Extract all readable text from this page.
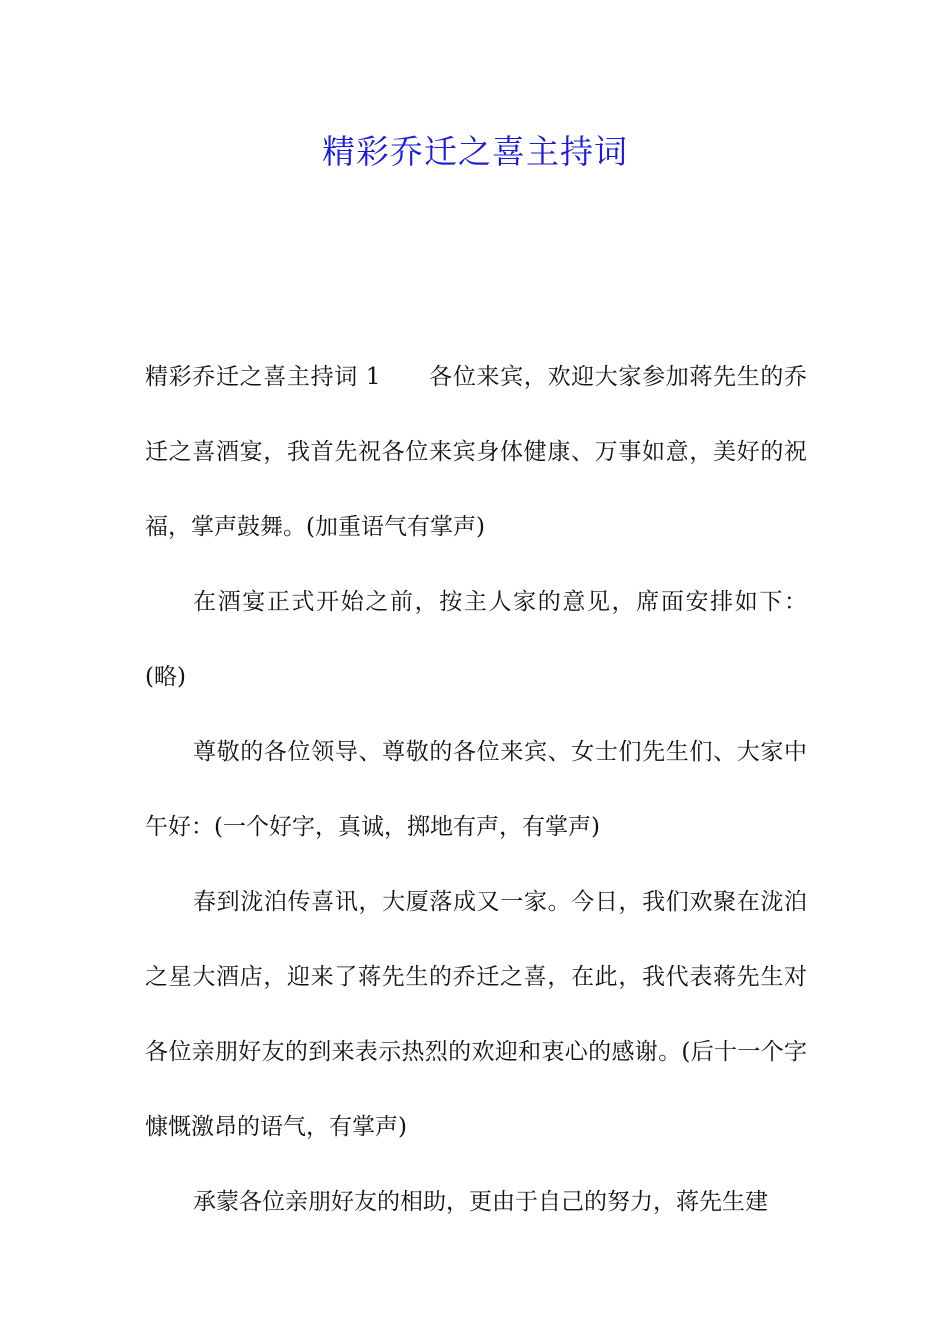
精彩乔迁之喜主持词

精彩乔迁之喜主持词 1 各位来宾，欢迎大家参加蒋先生的乔迁之喜酒宴，我首先祝各位来宾身体健康、万事如意，美好的祝福，掌声鼓舞。(加重语气有掌声)

在酒宴正式开始之前，按主人家的意见，席面安排如下：(略)

尊敬的各位领导、尊敬的各位来宾、女士们先生们、大家中午好：(一个好字，真诚，掷地有声，有掌声)

春到泷泊传喜讯，大厦落成又一家。今日，我们欢聚在泷泊之星大酒店，迎来了蒋先生的乔迁之喜，在此，我代表蒋先生对各位亲朋好友的到来表示热烈的欢迎和衷心的感谢。(后十一个字慷慨激昂的语气，有掌声)

承蒙各位亲朋好友的相助，更由于自己的努力，蒋先生建
